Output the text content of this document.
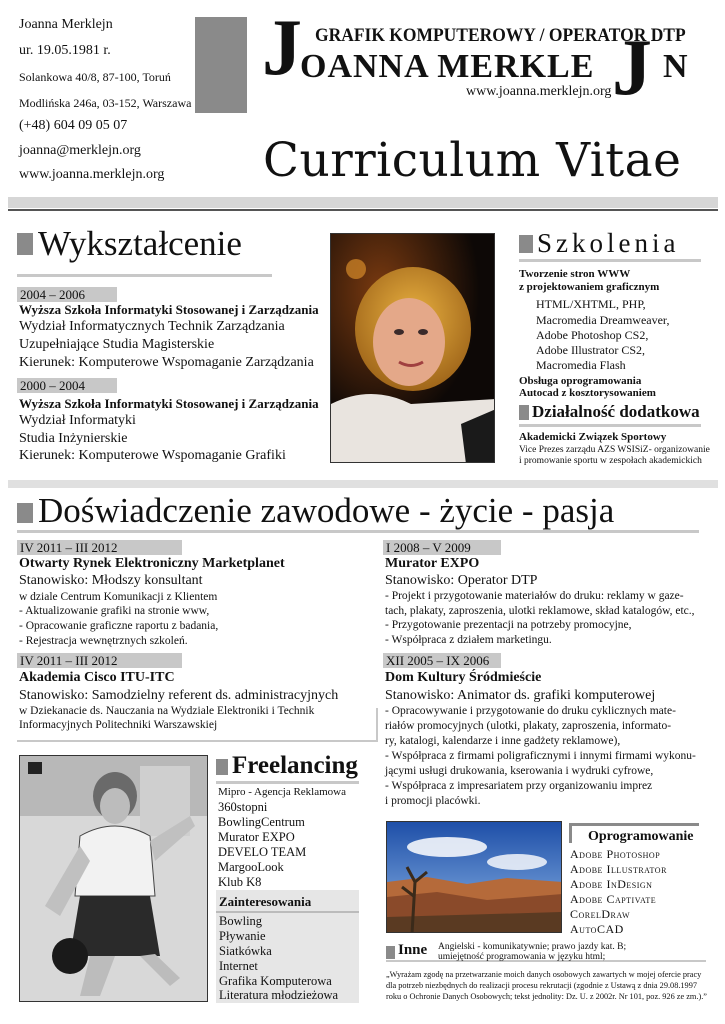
Joanna Merklejn
ur. 19.05.1981 r.
Solankowa 40/8, 87-100, Toruń
Modlińska 246a, 03-152, Warszawa
(+48) 604 09 05 07
joanna@merklejn.org
www.joanna.merklejn.org
J GRAFIK KOMPUTEROWY / OPERATOR DTP
OANNA MERKLE J N
www.joanna.merklejn.org
Curriculum Vitae
Wykształcenie
2004 – 2006
Wyższa Szkoła Informatyki Stosowanej i Zarządzania
Wydział Informatycznych Technik Zarządzania
Uzupełniające Studia Magisterskie
Kierunek: Komputerowe Wspomaganie Zarządzania
2000 – 2004
Wyższa Szkoła Informatyki Stosowanej i Zarządzania
Wydział Informatyki
Studia Inżynierskie
Kierunek: Komputerowe Wspomaganie Grafiki
Szkolenia
Tworzenie stron WWW
z projektowaniem graficznym
HTML/XHTML, PHP,
Macromedia Dreamweaver,
Adobe Photoshop CS2,
Adobe Illustrator CS2,
Macromedia Flash
Obsługa oprogramowania
Autocad z kosztorysowaniem
Działalność dodatkowa
Akademicki Związek Sportowy
Vice Prezes zarządu AZS WSISiZ- organizowanie
i promowanie sportu w zespołach akademickich
Doświadczenie zawodowe - życie - pasja
IV 2011 – III 2012
Otwarty Rynek Elektroniczny Marketplanet
Stanowisko: Młodszy konsultant
w dziale Centrum Komunikacji z Klientem
- Aktualizowanie grafiki na stronie www,
- Opracowanie graficzne raportu z badania,
- Rejestracja wewnętrznych szkoleń.
IV 2011 – III 2012
Akademia Cisco ITU-ITC
Stanowisko: Samodzielny referent ds. administracyjnych
w Dziekanacie ds. Nauczania na Wydziale Elektroniki i Technik
Informacyjnych Politechniki Warszawskiej
I 2008 – V 2009
Murator EXPO
Stanowisko: Operator DTP
- Projekt i przygotowanie materiałów do druku: reklamy w gaze-
tach, plakaty, zaproszenia, ulotki reklamowe, skład katalogów, etc.,
- Przygotowanie prezentacji na potrzeby promocyjne,
- Współpraca z działem marketingu.
XII 2005 – IX 2006
Dom Kultury Śródmieście
Stanowisko: Animator ds. grafiki komputerowej
- Opracowywanie i przygotowanie do druku cyklicznych mate-
riałów promocyjnych (ulotki, plakaty, zaproszenia, informato-
ry, katalogi, kalendarze i inne gadżety reklamowe),
- Współpraca z firmami poligraficznymi i innymi firmami wykonu-
jącymi usługi drukowania, kserowania i wydruki cyfrowe,
- Współpraca z impresariatem przy organizowaniu imprez
i promocji placówki.
Freelancing
Mipro - Agencja Reklamowa
360stopni
BowlingCentrum
Murator EXPO
DEVELO TEAM
MargooLook
Klub K8
Zainteresowania
Bowling
Pływanie
Siatkówka
Internet
Grafika Komputerowa
Literatura młodzieżowa
Oprogramowanie
Adobe Photoshop
Adobe Illustrator
Adobe InDesign
Adobe Captivate
CorelDraw
AutoCAD
Inne Angielski - komunikatywnie; prawo jazdy kat. B;
umiejętność programowania w języku html;
„Wyrażam zgodę na przetwarzanie moich danych osobowych zawartych w mojej ofercie pracy
dla potrzeb niezbędnych do realizacji procesu rekrutacji (zgodnie z Ustawą z dnia 29.08.1997
roku o Ochronie Danych Osobowych; tekst jednolity: Dz. U. z 2002r. Nr 101, poz. 926 ze zm.).”
